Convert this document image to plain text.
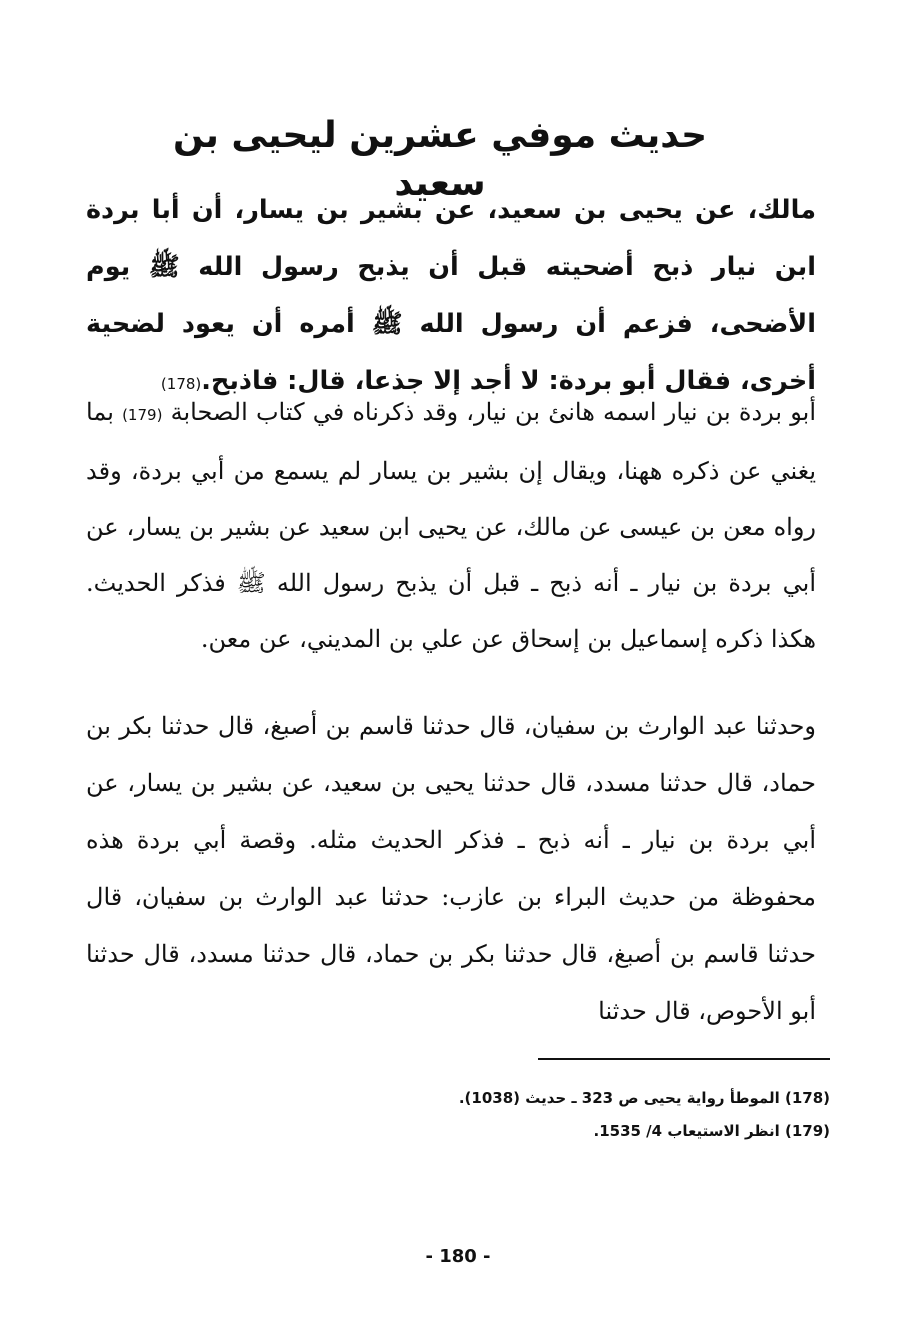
حديث موفي عشرين ليحيى بن سعيد

مالك، عن يحيى بن سعيد، عن بشير بن يسار، أن أبا بردة ابن نيار ذبح أضحيته قبل أن يذبح رسول الله ﷺ يوم الأضحى، فزعم أن رسول الله ﷺ أمره أن يعود لضحية أخرى، فقال أبو بردة: لا أجد إلا جذعا، قال: فاذبح.(178)

أبو بردة بن نيار اسمه هانئ بن نيار، وقد ذكرناه في كتاب الصحابة (179) بما يغني عن ذكره ههنا، ويقال إن بشير بن يسار لم يسمع من أبي بردة، وقد رواه معن بن عيسى عن مالك، عن يحيى ابن سعيد عن بشير بن يسار، عن أبي بردة بن نيار ـ أنه ذبح ـ قبل أن يذبح رسول الله ﷺ فذكر الحديث. هكذا ذكره إسماعيل بن إسحاق عن علي بن المديني، عن معن.

وحدثنا عبد الوارث بن سفيان، قال حدثنا قاسم بن أصبغ، قال حدثنا بكر بن حماد، قال حدثنا مسدد، قال حدثنا يحيى بن سعيد، عن بشير بن يسار، عن أبي بردة بن نيار ـ أنه ذبح ـ فذكر الحديث مثله. وقصة أبي بردة هذه محفوظة من حديث البراء بن عازب: حدثنا عبد الوارث بن سفيان، قال حدثنا قاسم بن أصبغ، قال حدثنا بكر بن حماد، قال حدثنا مسدد، قال حدثنا أبو الأحوص، قال حدثنا

(178) الموطأ رواية يحيى ص 323 ـ حديث (1038).
(179) انظر الاستيعاب 4/ 1535.
- 180 -
